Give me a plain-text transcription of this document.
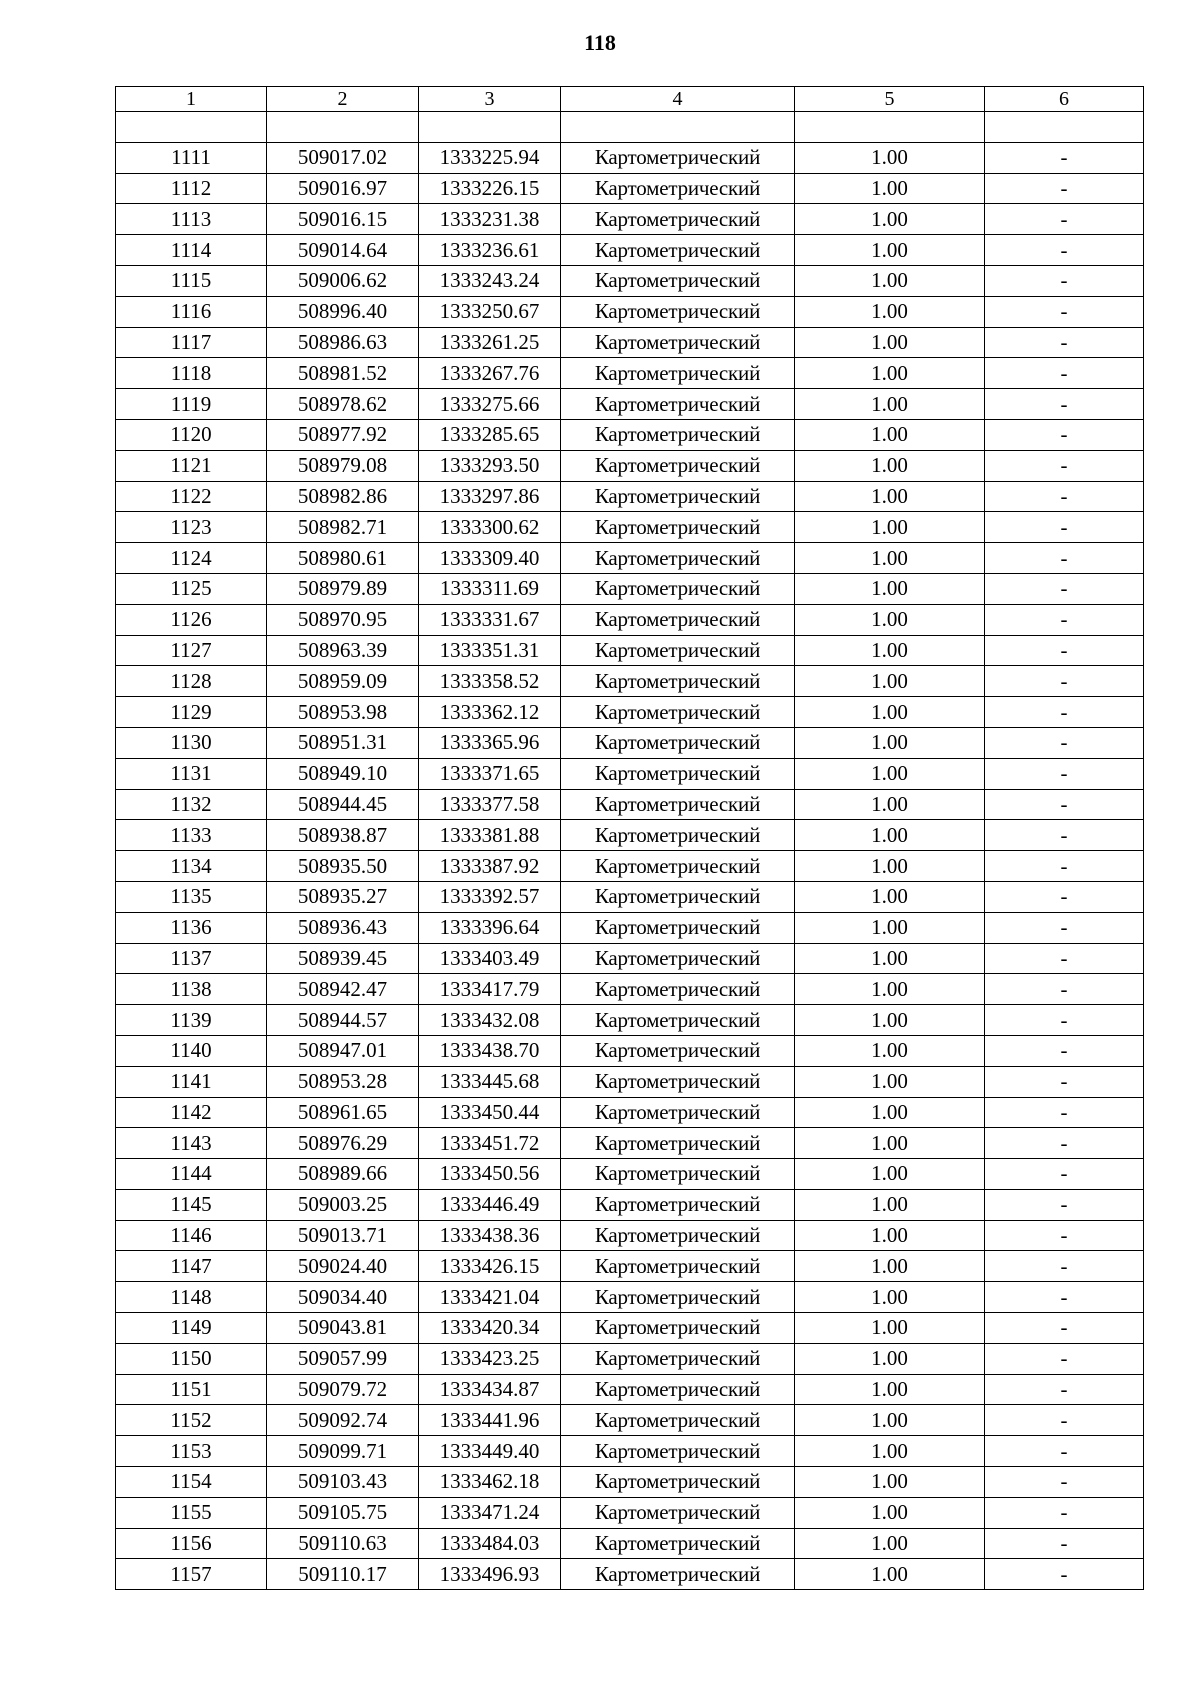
118
1	2	3	4	5	6

1111	509017.02	1333225.94	Картометрический	1.00	-
1112	509016.97	1333226.15	Картометрический	1.00	-
1113	509016.15	1333231.38	Картометрический	1.00	-
1114	509014.64	1333236.61	Картометрический	1.00	-
1115	509006.62	1333243.24	Картометрический	1.00	-
1116	508996.40	1333250.67	Картометрический	1.00	-
1117	508986.63	1333261.25	Картометрический	1.00	-
1118	508981.52	1333267.76	Картометрический	1.00	-
1119	508978.62	1333275.66	Картометрический	1.00	-
1120	508977.92	1333285.65	Картометрический	1.00	-
1121	508979.08	1333293.50	Картометрический	1.00	-
1122	508982.86	1333297.86	Картометрический	1.00	-
1123	508982.71	1333300.62	Картометрический	1.00	-
1124	508980.61	1333309.40	Картометрический	1.00	-
1125	508979.89	1333311.69	Картометрический	1.00	-
1126	508970.95	1333331.67	Картометрический	1.00	-
1127	508963.39	1333351.31	Картометрический	1.00	-
1128	508959.09	1333358.52	Картометрический	1.00	-
1129	508953.98	1333362.12	Картометрический	1.00	-
1130	508951.31	1333365.96	Картометрический	1.00	-
1131	508949.10	1333371.65	Картометрический	1.00	-
1132	508944.45	1333377.58	Картометрический	1.00	-
1133	508938.87	1333381.88	Картометрический	1.00	-
1134	508935.50	1333387.92	Картометрический	1.00	-
1135	508935.27	1333392.57	Картометрический	1.00	-
1136	508936.43	1333396.64	Картометрический	1.00	-
1137	508939.45	1333403.49	Картометрический	1.00	-
1138	508942.47	1333417.79	Картометрический	1.00	-
1139	508944.57	1333432.08	Картометрический	1.00	-
1140	508947.01	1333438.70	Картометрический	1.00	-
1141	508953.28	1333445.68	Картометрический	1.00	-
1142	508961.65	1333450.44	Картометрический	1.00	-
1143	508976.29	1333451.72	Картометрический	1.00	-
1144	508989.66	1333450.56	Картометрический	1.00	-
1145	509003.25	1333446.49	Картометрический	1.00	-
1146	509013.71	1333438.36	Картометрический	1.00	-
1147	509024.40	1333426.15	Картометрический	1.00	-
1148	509034.40	1333421.04	Картометрический	1.00	-
1149	509043.81	1333420.34	Картометрический	1.00	-
1150	509057.99	1333423.25	Картометрический	1.00	-
1151	509079.72	1333434.87	Картометрический	1.00	-
1152	509092.74	1333441.96	Картометрический	1.00	-
1153	509099.71	1333449.40	Картометрический	1.00	-
1154	509103.43	1333462.18	Картометрический	1.00	-
1155	509105.75	1333471.24	Картометрический	1.00	-
1156	509110.63	1333484.03	Картометрический	1.00	-
1157	509110.17	1333496.93	Картометрический	1.00	-
